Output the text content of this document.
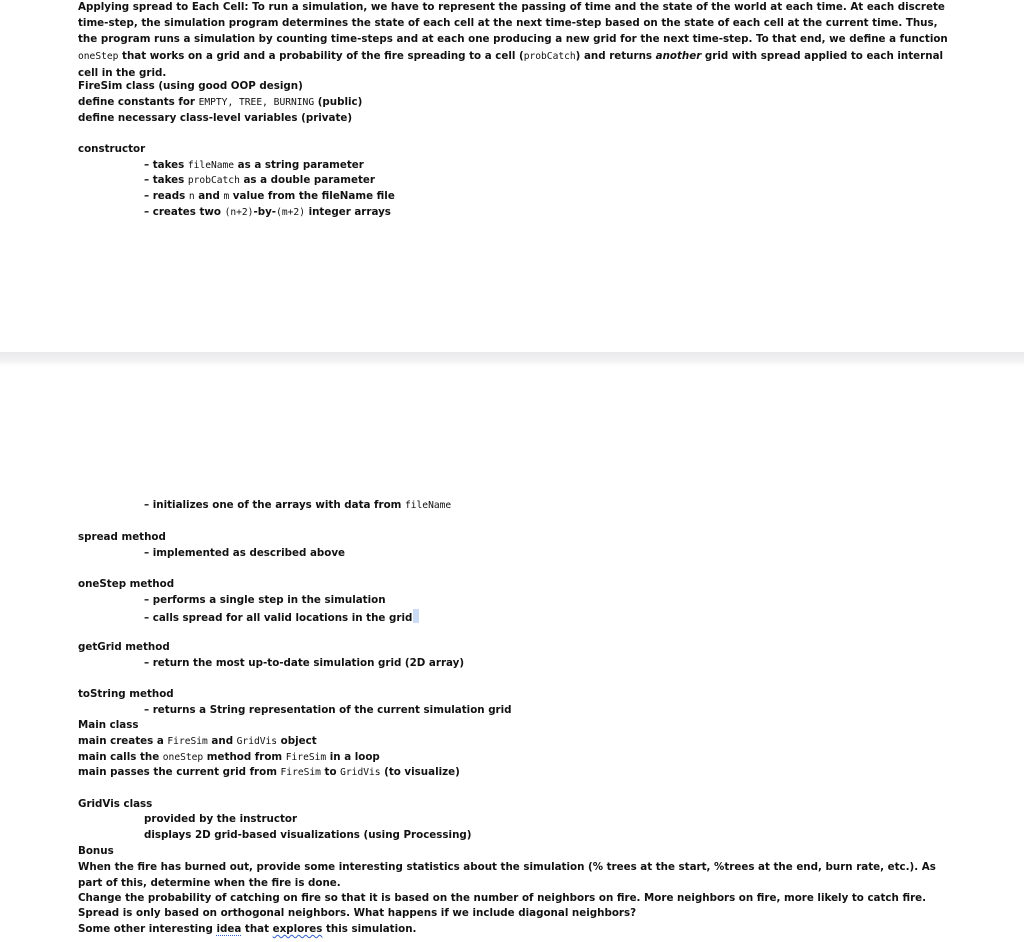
Applying spread to Each Cell: To run a simulation, we have to represent the passing of time and the state of the world at each time. At each discrete time-step, the simulation program determines the state of each cell at the next time-step based on the state of each cell at the current time. Thus, the program runs a simulation by counting time-steps and at each one producing a new grid for the next time-step. To that end, we define a function oneStep that works on a grid and a probability of the fire spreading to a cell (probCatch) and returns another grid with spread applied to each internal cell in the grid.
FireSim class (using good OOP design)
define constants for EMPTY, TREE, BURNING (public)
define necessary class-level variables (private)
constructor
– takes fileName as a string parameter
– takes probCatch as a double parameter
– reads n and m value from the fileName file
– creates two (n+2)-by-(m+2) integer arrays
– initializes one of the arrays with data from fileName
spread method
– implemented as described above
oneStep method
– performs a single step in the simulation
– calls spread for all valid locations in the grid
getGrid method
– return the most up-to-date simulation grid (2D array)
toString method
– returns a String representation of the current simulation grid
Main class
main creates a FireSim and GridVis object
main calls the oneStep method from FireSim in a loop
main passes the current grid from FireSim to GridVis (to visualize)
GridVis class
provided by the instructor
displays 2D grid-based visualizations (using Processing)
Bonus
When the fire has burned out, provide some interesting statistics about the simulation (% trees at the start, %trees at the end, burn rate, etc.). As part of this, determine when the fire is done.
Change the probability of catching on fire so that it is based on the number of neighbors on fire. More neighbors on fire, more likely to catch fire.
Spread is only based on orthogonal neighbors. What happens if we include diagonal neighbors?
Some other interesting idea that explores this simulation.
